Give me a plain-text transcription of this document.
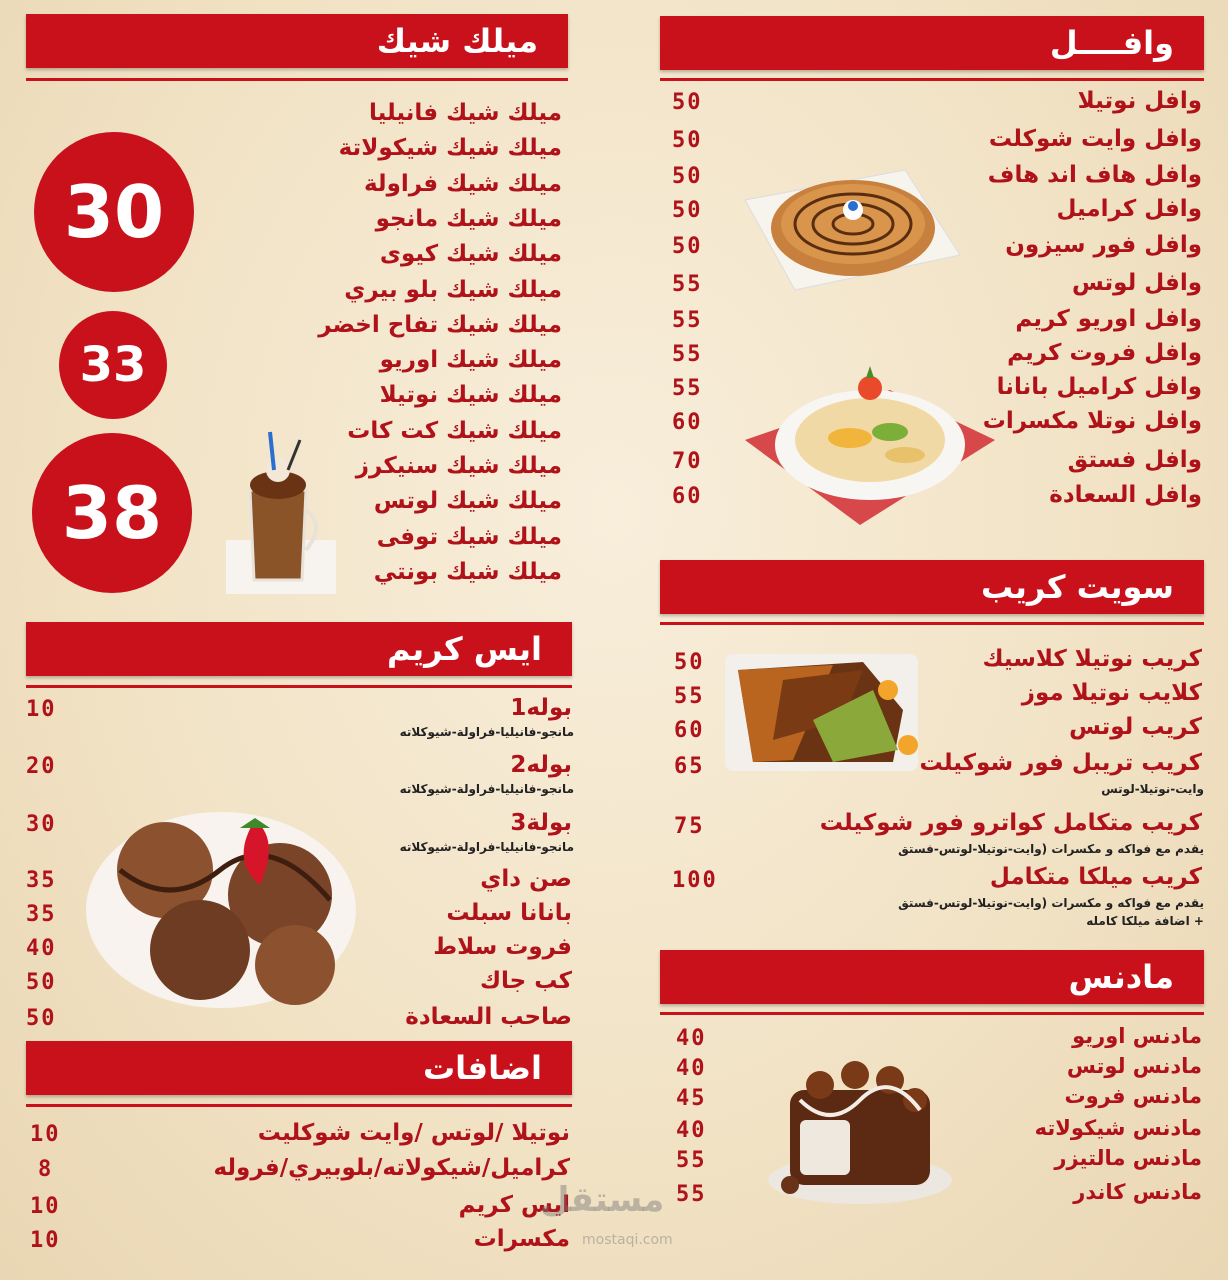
وافــــل
وافل نوتيلا
50
وافل وايت شوكلت
50
وافل هاف اند هاف
50
وافل كراميل
50
وافل فور سيزون
50
وافل لوتس
55
وافل اوريو كريم
55
وافل فروت كريم
55
وافل كراميل بانانا
55
وافل نوتلا مكسرات
60
وافل فستق
70
وافل السعادة
60
سويت كريب
كريب نوتيلا كلاسيك
50
كلايب نوتيلا موز
55
كريب لوتس
60
كريب تريبل فور شوكيلت
65
وايت-نوتيلا-لوتس
كريب متكامل كواترو فور شوكيلت
75
يقدم مع فواكه و مكسرات (وايت-نوتيلا-لوتس-فستق
كريب ميلكا متكامل
100
يقدم مع فواكه و مكسرات (وايت-نوتيلا-لوتس-فستق
+ اضافة ميلكا كامله
مادنس
مادنس اوريو
40
مادنس لوتس
40
مادنس فروت
45
مادنس شيكولاته
40
مادنس مالتيزر
55
مادنس كاندر
55
ميلك شيك
ميلك شيك فانيليا
ميلك شيك شيكولاتة
ميلك شيك فراولة
ميلك شيك مانجو
ميلك شيك كيوى
ميلك شيك بلو بيري
ميلك شيك تفاح اخضر
ميلك شيك اوريو
ميلك شيك نوتيلا
ميلك شيك كت كات
ميلك شيك سنيكرز
ميلك شيك لوتس
ميلك شيك توفى
ميلك شيك بونتي
30
33
38
ايس كريم
بوله1
10
مانجو-فانيليا-فراولة-شيوكلاته
بوله2
20
مانجو-فانيليا-فراولة-شيوكلاته
بولة3
30
مانجو-فانيليا-فراولة-شيوكلاته
صن داي
35
بانانا سبلت
35
فروت سلاط
40
كب جاك
50
صاحب السعادة
50
اضافات
نوتيلا /لوتس /وايت شوكليت
10
كراميل/شيكولاته/بلوبيري/فروله
8
ايس كريم
10
مكسرات
10
مستقل
mostaqi.com
